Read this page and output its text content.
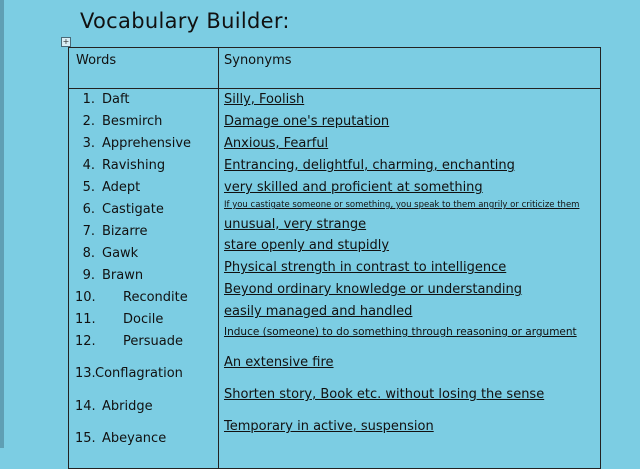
Vocabulary Builder:
+
Words	Synonyms
1. Daft
2. Besmirch
3. Apprehensive
4. Ravishing
5. Adept
6. Castigate
7. Bizarre
8. Gawk
9. Brawn
10. Recondite
11. Docile
12. Persuade
13.Conflagration
14. Abridge
15. Abeyance
Silly, Foolish
Damage one's reputation
Anxious, Fearful
Entrancing, delightful, charming, enchanting
very skilled and proficient at something
If you castigate someone or something, you speak to them angrily or criticize them
unusual, very strange
stare openly and stupidly
Physical strength in contrast to intelligence
Beyond ordinary knowledge or understanding
easily managed and handled
Induce (someone) to do something through reasoning or argument
An extensive fire
Shorten story, Book etc. without losing the sense
Temporary in active, suspension
